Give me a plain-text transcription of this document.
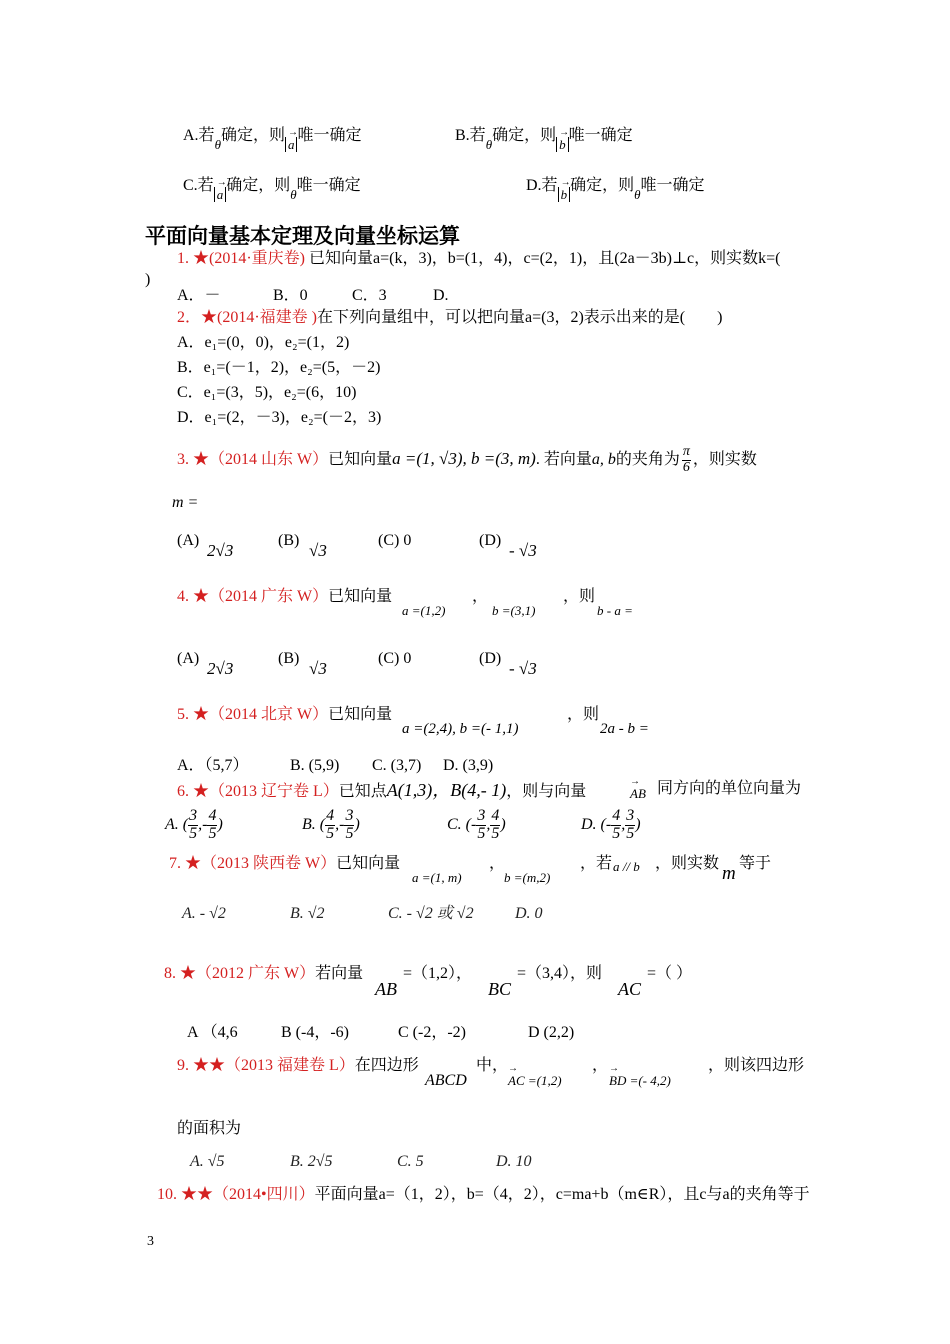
A.若$_\theta$确定，则→ $_a$唯一确定	B.若$_\theta$确定，则→ $_b$唯一确定
C.若→ $_a$确定，则$_\theta$唯一确定	D.若→ $_b$确定，则$_\theta$唯一确定
平面向量基本定理及向量坐标运算
1. ★(2014·重庆卷) 已知向量a=(k，3)，b=(1，4)，c=(2，1)，且(2a－3b)⊥c，则实数k=(
)
A．－	B．0	C．3	D.
2．★(2014·福建卷 )在下列向量组中，可以把向量a=(3，2)表示出来的是(　　)
A．e₁=(0，0)，e₂=(1，2)
B．e₁=(－1，2)，e₂=(5，－2)
C．e₁=(3，5)，e₂=(6，10)
D．e₁=(2，－3)，e₂=(－2，3)
3. ★（2014 山东 W）已知向量a =(1, √3), b =(3, m). 若向量a, b的夹角为 $\frac{\pi}{6}$ ，则实数
m =
(A)
2√3
(B)
√3
(C) 0	(D)
- √3
4. ★（2014 广东 W）已知向量
a =(1,2)
，
b =(3,1)
，则
b - a =
(A)
2√3
(B)
√3
(C) 0	(D)
- √3
5. ★（2014 北京 W）已知向量
a =(2,4), b =(- 1,1)
，则
2a - b =
A．（5,7）	B. (5,9) C. (3,7) D. (3,9)
6. ★（2013 辽宁卷 L）已知点A(1,3)，B(4,- 1)，则与向量
→	AB 同方向的单位向量为
A. ( $\frac{3}{5}$ ,- $\frac{4}{5}$ )	B. ( $\frac{4}{5}$ ,- $\frac{3}{5}$ )	C. (- $\frac{3}{5}$ , $\frac{4}{5}$ )	D. (- $\frac{4}{5}$ , $\frac{3}{5}$ )
7. ★（2013 陕西卷 W）已知向量
a =(1, m)
，
b =(m,2)
，若 a // b ，则实数 m 等于
A. - √2	B. √2	C. - √2 或 √2	D. 0
8. ★（2012 广东 W）若向量
AB
=（1,2），
BC
=（3,4），则
AC
=（ ）
A （4,6	B (-4，-6)	C (-2，-2)	D (2,2)
9. ★★（2013 福建卷 L）在四边形
ABCD
中，
→ AC =(1,2)
，
→ BD =(- 4,2)
，则该四边形
的面积为
A. √5	B. 2√5	C. 5	D. 10
10. ★★（2014•四川）平面向量a=（1，2），b=（4，2），c=ma+b（m∈R），且c与a的夹角等于
3
